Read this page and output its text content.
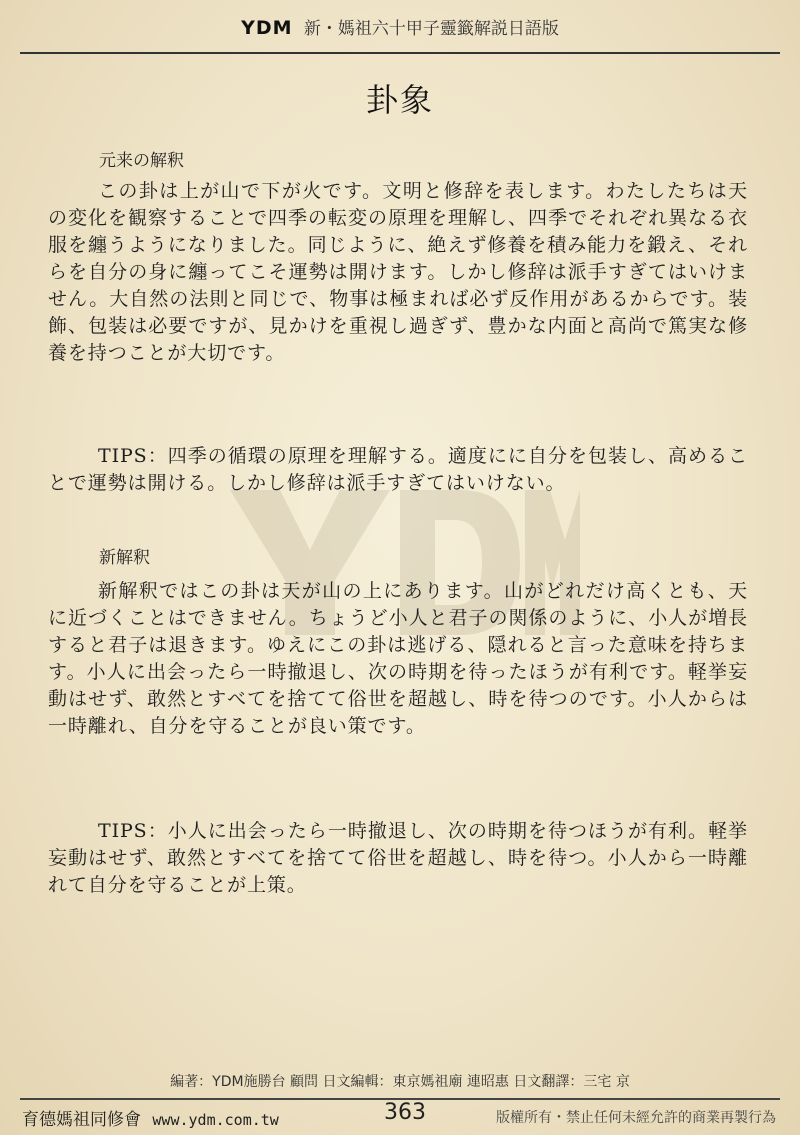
YDM 新・媽祖六十甲子靈籤解説日語版
卦象
元来の解釈

この卦は上が山で下が火です。文明と修辞を表します。わたしたちは天の変化を観察することで四季の転変の原理を理解し、四季でそれぞれ異なる衣服を纏うようになりました。同じように、絶えず修養を積み能力を鍛え、それらを自分の身に纏ってこそ運勢は開けます。しかし修辞は派手すぎてはいけません。大自然の法則と同じで、物事は極まれば必ず反作用があるからです。装飾、包装は必要ですが、見かけを重視し過ぎず、豊かな内面と高尚で篤実な修養を持つことが大切です。

TIPS：四季の循環の原理を理解する。適度にに自分を包装し、高めることで運勢は開ける。しかし修辞は派手すぎてはいけない。

新解釈

新解釈ではこの卦は天が山の上にあります。山がどれだけ高くとも、天に近づくことはできません。ちょうど小人と君子の関係のように、小人が増長すると君子は退きます。ゆえにこの卦は逃げる、隠れると言った意味を持ちます。小人に出会ったら一時撤退し、次の時期を待ったほうが有利です。軽挙妄動はせず、敢然とすべてを捨てて俗世を超越し、時を待つのです。小人からは一時離れ、自分を守ることが良い策です。

TIPS：小人に出会ったら一時撤退し、次の時期を待つほうが有利。軽挙妄動はせず、敢然とすべてを捨てて俗世を超越し、時を待つ。小人から一時離れて自分を守ることが上策。

編著：YDM施勝台 顧問 日文編輯：東京媽祖廟 連昭惠 日文翻譯：三宅 京
育德媽祖同修會 www.ydm.com.tw	363	版權所有・禁止任何未經允許的商業再製行為
